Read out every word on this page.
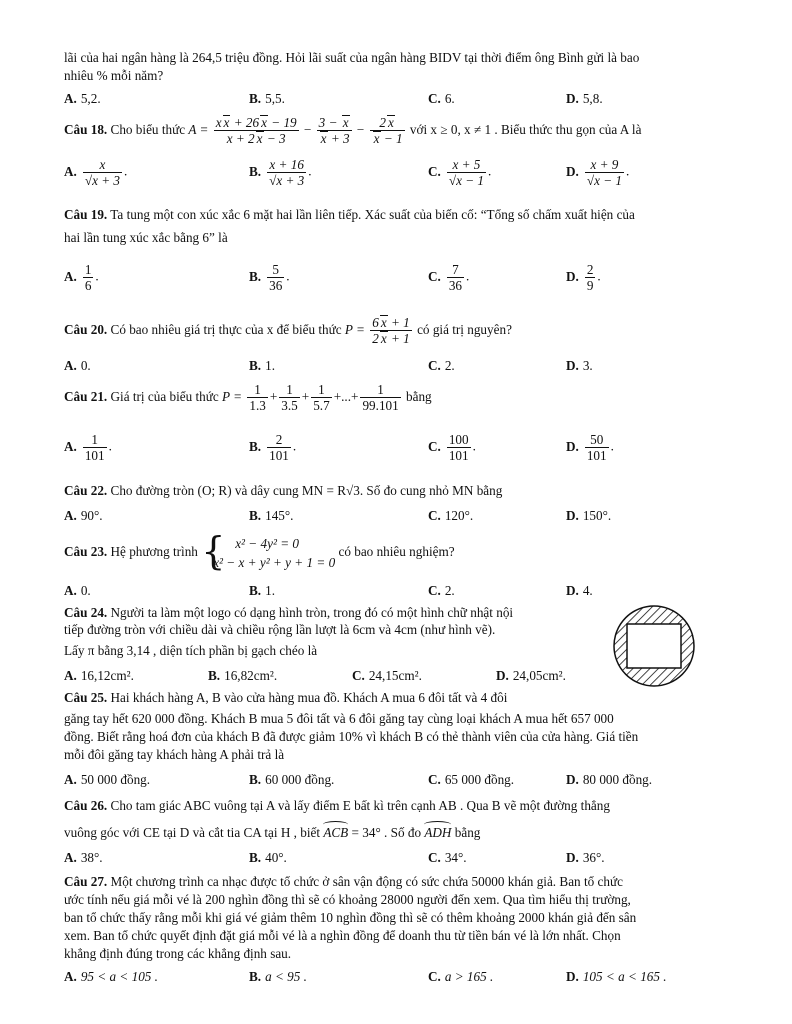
lãi của hai ngân hàng là 264,5 triệu đồng. Hỏi lãi suất của ngân hàng BIDV tại thời điểm ông Bình gửi là bao
nhiêu % mỗi năm?
A. 5,2.	B. 5,5.	C. 6.	D. 5,8.
Câu 18. Cho biểu thức $A = \frac{\text{x x + 26 x − 19}}{x + 2 x - 3} - \frac{3 - x}{x + 3} - \frac{2 x}{x - 1}$ với x ≥ 0, x ≠ 1 . Biểu thức thu gọn của A là
A. $\frac{x}{√x + 3}$ .	B. $\frac{x + 16}{√x + 3}$ .	C. $\frac{x + 5}{√x - 1}$ .	D. $\frac{x + 9}{√x - 1}$ .
Câu 19. Ta tung một con xúc xắc 6 mặt hai lần liên tiếp. Xác suất của biến cố: “Tổng số chấm xuất hiện của
hai lần tung xúc xắc bằng 6” là
A. $\frac{1}{6}$ .	B. $\frac{5}{36}$ .	C. $\frac{7}{36}$ .	D. $\frac{2}{9}$ .
Câu 20. Có bao nhiêu giá trị thực của x để biểu thức $P = \frac{6 x + 1}{2 x + 1}$ có giá trị nguyên?
A. 0.	B. 1.	C. 2.	D. 3.
Câu 21. Giá trị của biểu thức $P = \frac{1}{1.3} + \frac{1}{3.5} + \frac{1}{5.7}$ +...+ $\frac{1}{99.101}$ bằng
A. $\frac{1}{101}$ .	B. $\frac{2}{101}$ .	C. $\frac{100}{101}$ .	D. $\frac{50}{101}$ .
Câu 22. Cho đường tròn (O; R) và dây cung MN = R√3. Số đo cung nhỏ MN bằng
A. 90°.	B. 145°.	C. 120°.	D. 150°.
Câu 23. Hệ phương trình { x² − 4y² = 0
x² − x + y² + y + 1 = 0
có bao nhiêu nghiệm?
A. 0.	B. 1.	C. 2.	D. 4.
Câu 24. Người ta làm một logo có dạng hình tròn, trong đó có một hình chữ nhật nội
tiếp đường tròn với chiều dài và chiều rộng lần lượt là 6cm và 4cm (như hình vẽ).
Lấy π bằng 3,14 , diện tích phần bị gạch chéo là
A. 16,12cm².	B. 16,82cm².	C. 24,15cm².	D. 24,05cm².
Câu 25. Hai khách hàng A, B vào cửa hàng mua đồ. Khách A mua 6 đôi tất và 4 đôi
găng tay hết 620 000 đồng. Khách B mua 5 đôi tất và 6 đôi găng tay cùng loại khách A mua hết 657 000
đồng. Biết rằng hoá đơn của khách B đã được giảm 10% vì khách B có thẻ thành viên của cửa hàng. Giá tiền
mỗi đôi găng tay khách hàng A phải trả là
A. 50 000 đồng.	B. 60 000 đồng.	C. 65 000 đồng.	D. 80 000 đồng.
Câu 26. Cho tam giác ABC vuông tại A và lấy điểm E bất kì trên cạnh AB . Qua B vẽ một đường thẳng
vuông góc với CE tại D và cắt tia CA tại H , biết ACB = 34° . Số đo ADH bằng
A. 38°.	B. 40°.	C. 34°.	D. 36°.
Câu 27. Một chương trình ca nhạc được tổ chức ở sân vận động có sức chứa 50000 khán giả. Ban tổ chức
ước tính nếu giá mỗi vé là 200 nghìn đồng thì sẽ có khoảng 28000 người đến xem. Qua tìm hiểu thị trường,
ban tổ chức thấy rằng mỗi khi giá vé giảm thêm 10 nghìn đồng thì sẽ có thêm khoảng 2000 khán giả đến sân
xem. Ban tổ chức quyết định đặt giá mỗi vé là a nghìn đồng để doanh thu từ tiền bán vé là lớn nhất. Chọn
khẳng định đúng trong các khẳng định sau.
A. 95 < a < 105 .	B. a < 95 .	C. a > 165 .	D. 105 < a < 165 .
